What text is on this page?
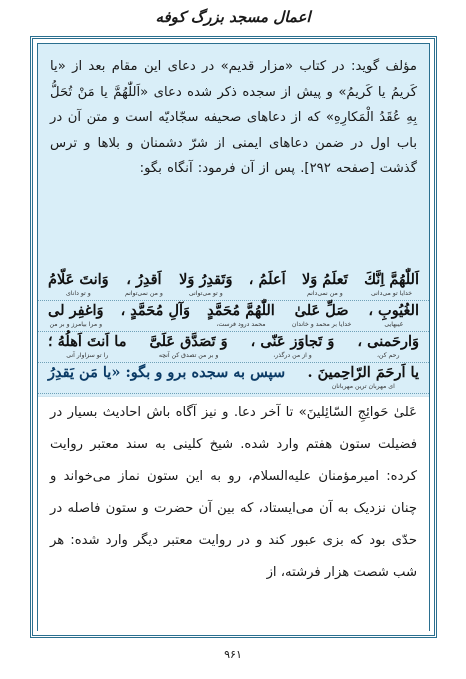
اعمال مسجد بزرگ کوفه

مؤلف گوید: در کتاب «مزار قدیم» در دعای این مقام بعد از «یا کَریمُ یا کَریمُ» و پیش از سجده ذکر شده دعای «اَللّٰهُمَّ یا مَنْ تُحَلُّ بِهِ عُقَدُ الْمَکارِهِ» که از دعاهای صحیفه سجّادیّه است و متن آن در باب اول در ضمن دعاهای ایمنی از شرّ دشمنان و بلاها و ترس گذشت [صفحه ۲۹۲]. پس از آن فرمود: آنگاه بگو:

اَللّٰهُمَّ اِنَّكَ
خدایا تو می‌دانی
تَعلَمُ وَلا
و من نمی‌دانم
اَعلَمُ ،
وَتَقدِرُ وَلا
و تو می‌توانی
اَقدِرُ ،
و من نمی‌توانم
وَانتَ عَلّامُ
و تو دانای
الغُيُوبِ ،
غیبهایی
صَلِّ عَلىٰ
خدایا بر محمد و خاندان
اللّٰهُمَّ مُحَمَّدٍ
محمد درود فرست،
وَآلِ مُحَمَّدٍ ،
وَاغفِر لی
و مرا بیامرز و بر من
وَارحَمنی ،
رحم کن،
وَ تَجاوَز عَنّی ،
و از من درگذر،
وَ تَصَدَّق عَلَیَّ
و بر من تصدق کن آنچه
ما اَنتَ اَهلُهُ ؛
را تو سزاوار آنی
یا اَرحَمَ الرّاحِمینَ .
ای مهربان ترین مهربانان
سپس به سجده برو و بگو: «یا مَن یَقدِرُ

عَلىٰ حَوائِجِ السّائِلینَ» تا آخر دعا. و نیز آگاه باش احادیث بسیار در فضیلت ستون هفتم وارد شده. شیخ کلینی به سند معتبر روایت کرده: امیرمؤمنان علیه‌السلام، رو به این ستون نماز می‌خواند و چنان نزدیک به آن می‌ایستاد، که بین آن حضرت و ستون فاصله در حدّی بود که بزی عبور کند و در روایت معتبر دیگر وارد شده: هر شب شصت هزار فرشته، از

۹۶۱
